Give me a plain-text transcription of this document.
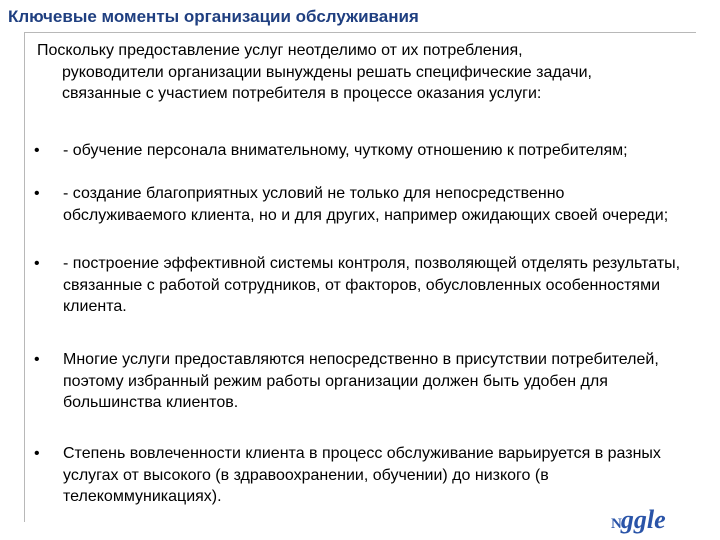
Ключевые моменты организации обслуживания
Поскольку предоставление услуг неотделимо от их потребления,
руководители организации вынуждены решать специфические задачи, связанные с участием потребителя в процессе оказания услуги:
•	- обучение персонала внимательному, чуткому отношению к потребителям;
•	- создание благоприятных условий не только для непосредственно обслуживаемого клиента, но и для других, например ожидающих своей очереди;
•	- построение эффективной системы контроля, позволяющей отделять результаты, связанные с работой сотрудников, от факторов, обусловленных особенностями клиента.
•	Многие услуги предоставляются непосредственно в присутствии потребителей, поэтому избранный режим работы организации должен быть удобен для большинства клиентов.
•	Степень вовлеченности клиента в процесс обслуживание варьируется в разных услугах от высокого (в здравоохранении, обучении) до низкого (в телекоммуникациях).
Nggle
